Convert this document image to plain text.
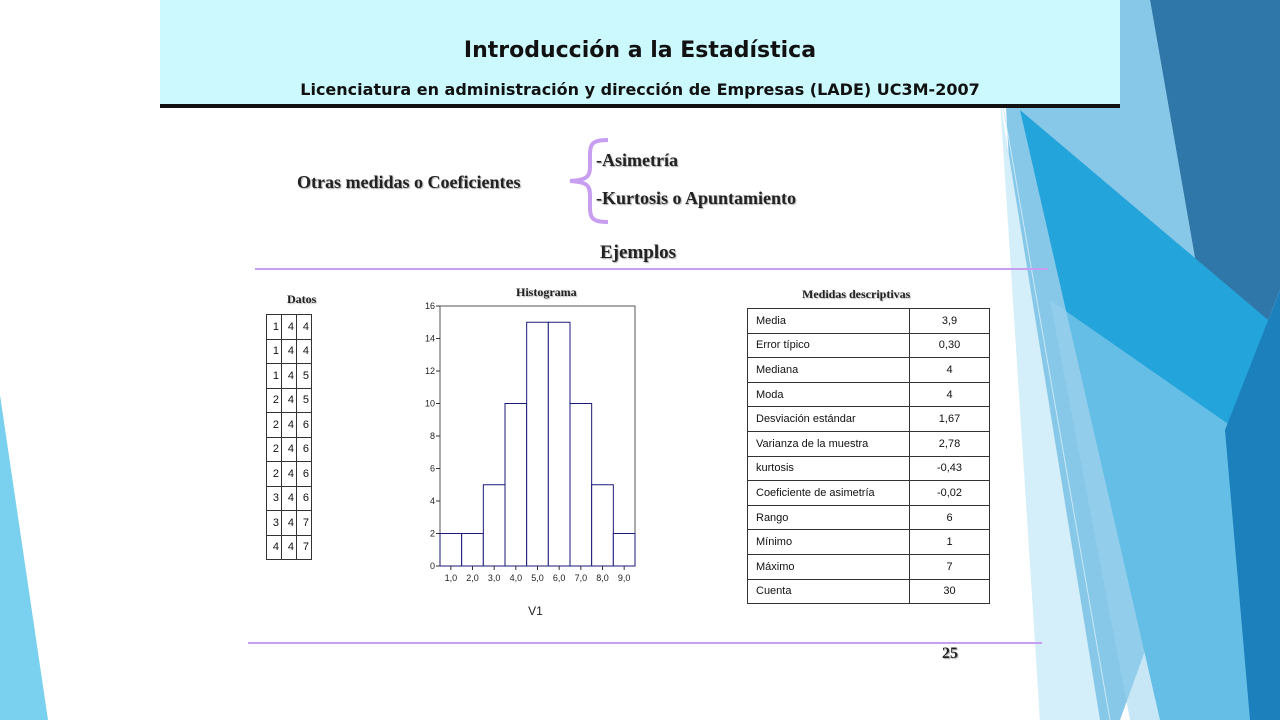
Introducción a la Estadística
Licenciatura en administración y dirección de Empresas (LADE) UC3M-2007
Otras medidas o Coeficientes
-Asimetría
-Kurtosis o Apuntamiento
Ejemplos
Datos
1	4	4
1	4	4
1	4	5
2	4	5
2	4	6
2	4	6
2	4	6
3	4	6
3	4	7
4	4	7
Histograma
0
2
4
6
8
10
12
14
16
1,0 2,0 3,0 4,0 5,0 6,0 7,0 8,0 9,0
V1
Medidas descriptivas
Media	3,9
Error típico	0,30
Mediana	4
Moda	4
Desviación estándar	1,67
Varianza de la muestra	2,78
kurtosis	-0,43
Coeficiente de asimetría	-0,02
Rango	6
Mínimo	1
Máximo	7
Cuenta	30
25
